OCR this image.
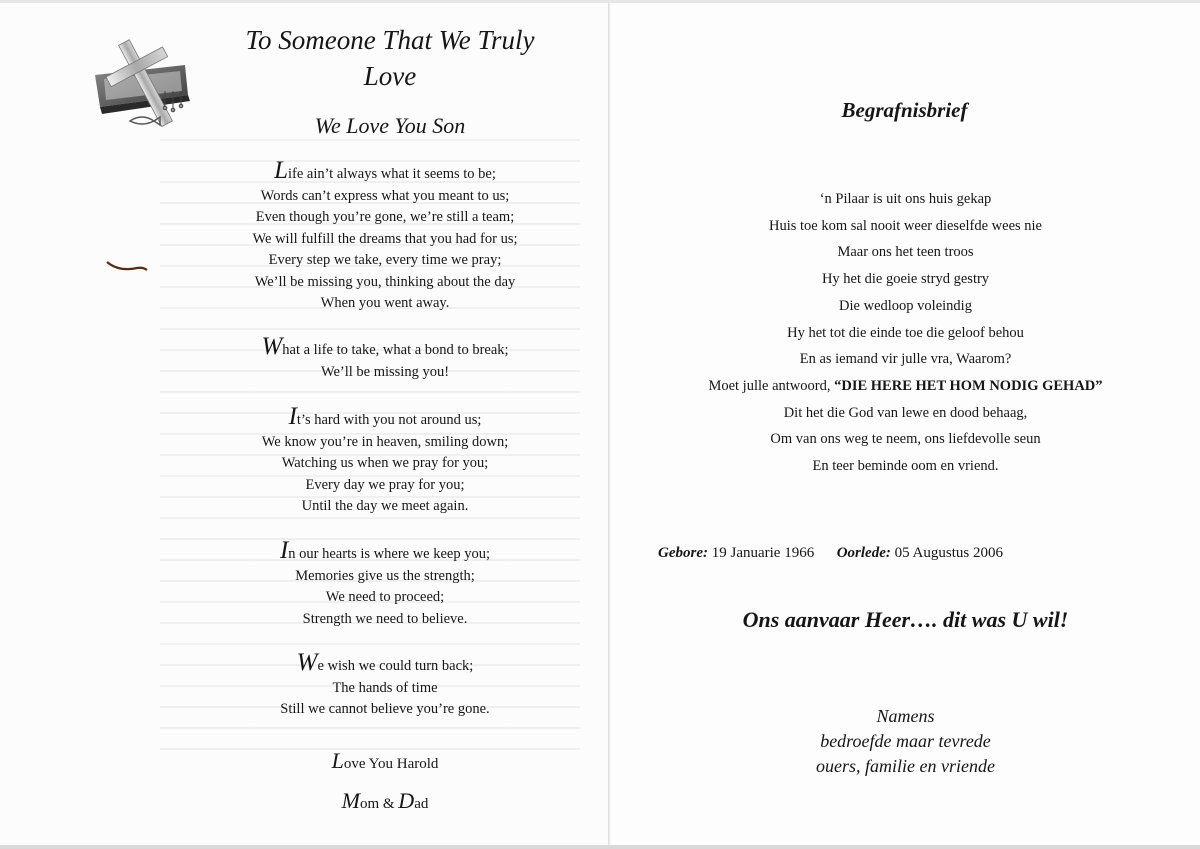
To Someone That We Truly
Love
We Love You Son
Life ain’t always what it seems to be;
Words can’t express what you meant to us;
Even though you’re gone, we’re still a team;
We will fulfill the dreams that you had for us;
Every step we take, every time we pray;
We’ll be missing you, thinking about the day
When you went away.
What a life to take, what a bond to break;
We’ll be missing you!
It’s hard with you not around us;
We know you’re in heaven, smiling down;
Watching us when we pray for you;
Every day we pray for you;
Until the day we meet again.
In our hearts is where we keep you;
Memories give us the strength;
We need to proceed;
Strength we need to believe.
We wish we could turn back;
The hands of time
Still we cannot believe you’re gone.
Love You Harold
Mom & Dad
Begrafnisbrief
‘n Pilaar is uit ons huis gekap
Huis toe kom sal nooit weer dieselfde wees nie
Maar ons het teen troos
Hy het die goeie stryd gestry
Die wedloop voleindig
Hy het tot die einde toe die geloof behou
En as iemand vir julle vra, Waarom?
Moet julle antwoord, “DIE HERE HET HOM NODIG GEHAD”
Dit het die God van lewe en dood behaag,
Om van ons weg te neem, ons liefdevolle seun
En teer beminde oom en vriend.
Gebore: 19 Januarie 1966 Oorlede: 05 Augustus 2006
Ons aanvaar Heer…. dit was U wil!
Namens
bedroefde maar tevrede
ouers, familie en vriende
